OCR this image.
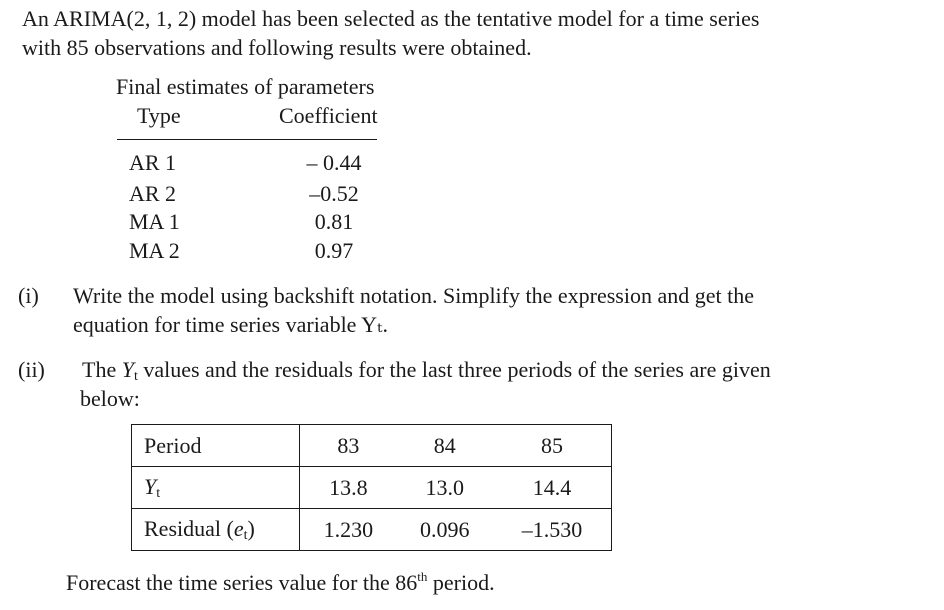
An ARIMA(2, 1, 2) model has been selected as the tentative model for a time series
with 85 observations and following results were obtained.
Final estimates of parameters
Type	Coefficient
AR 1	– 0.44
AR 2	–0.52
MA 1	0.81
MA 2	0.97
(i) Write the model using backshift notation. Simplify the expression and get the
equation for time series variable Yₜ.
(ii) The $Y_t$ values and the residuals for the last three periods of the series are given
below:
Period	83	84	85
$Y_t$	13.8	13.0	14.4
Residual $(e_t)$	1.230	0.096	–1.530
Forecast the time series value for the 86th period.
